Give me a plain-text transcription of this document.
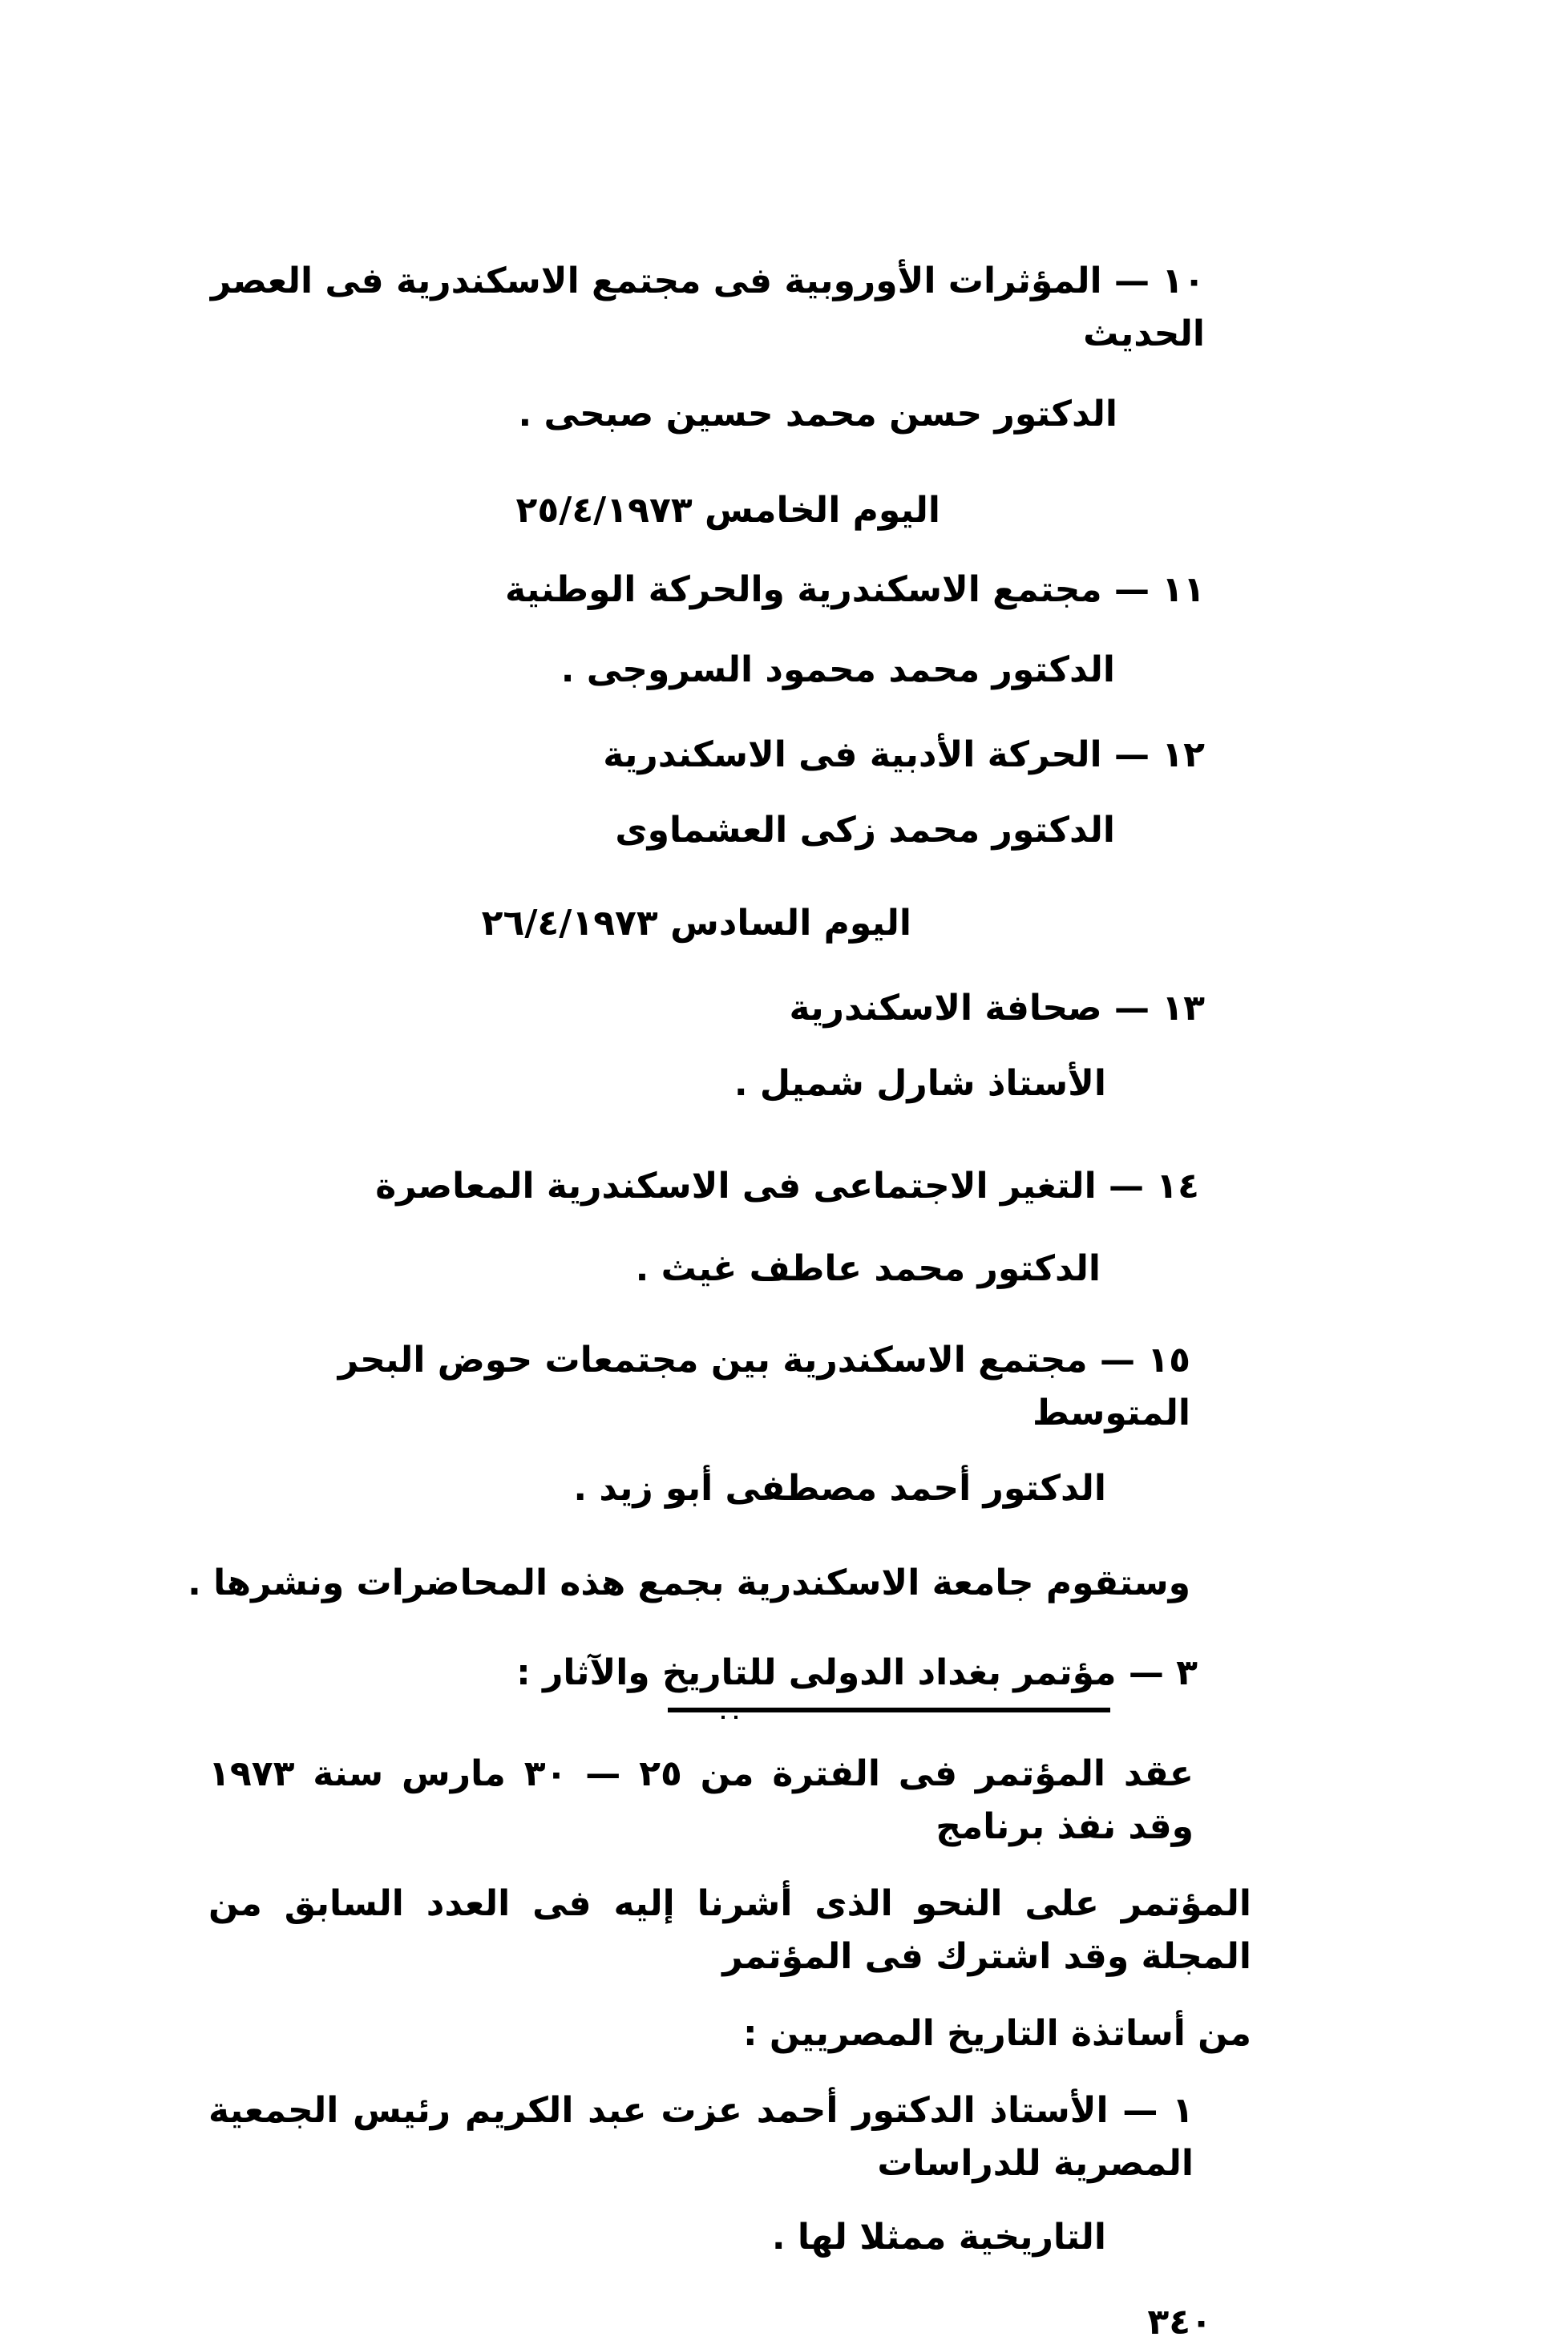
١٠ — المؤثرات الأوروبية فى مجتمع الاسكندرية فى العصر الحديث
الدكتور حسن محمد حسين صبحى .
اليوم الخامس ٢٥/٤/١٩٧٣
١١ — مجتمع الاسكندرية والحركة الوطنية
الدكتور محمد محمود السروجى .
١٢ — الحركة الأدبية فى الاسكندرية
الدكتور محمد زكى العشماوى
اليوم السادس ٢٦/٤/١٩٧٣
١٣ — صحافة الاسكندرية
الأستاذ شارل شميل .
١٤ — التغير الاجتماعى فى الاسكندرية المعاصرة
الدكتور محمد عاطف غيث .
١٥ — مجتمع الاسكندرية بين مجتمعات حوض البحر المتوسط
الدكتور أحمد مصطفى أبو زيد .
وستقوم جامعة الاسكندرية بجمع هذه المحاضرات ونشرها .
٣ — مؤتمر بغداد الدولى للتاريخ والآثار :
عقد المؤتمر فى الفترة من ٢٥ — ٣٠ مارس سنة ١٩٧٣ وقد نفذ برنامج
المؤتمر على النحو الذى أشرنا إليه فى العدد السابق من المجلة وقد اشترك فى المؤتمر
من أساتذة التاريخ المصريين :
١ — الأستاذ الدكتور أحمد عزت عبد الكريم رئيس الجمعية المصرية للدراسات
التاريخية ممثلا لها .
٣٤٠
